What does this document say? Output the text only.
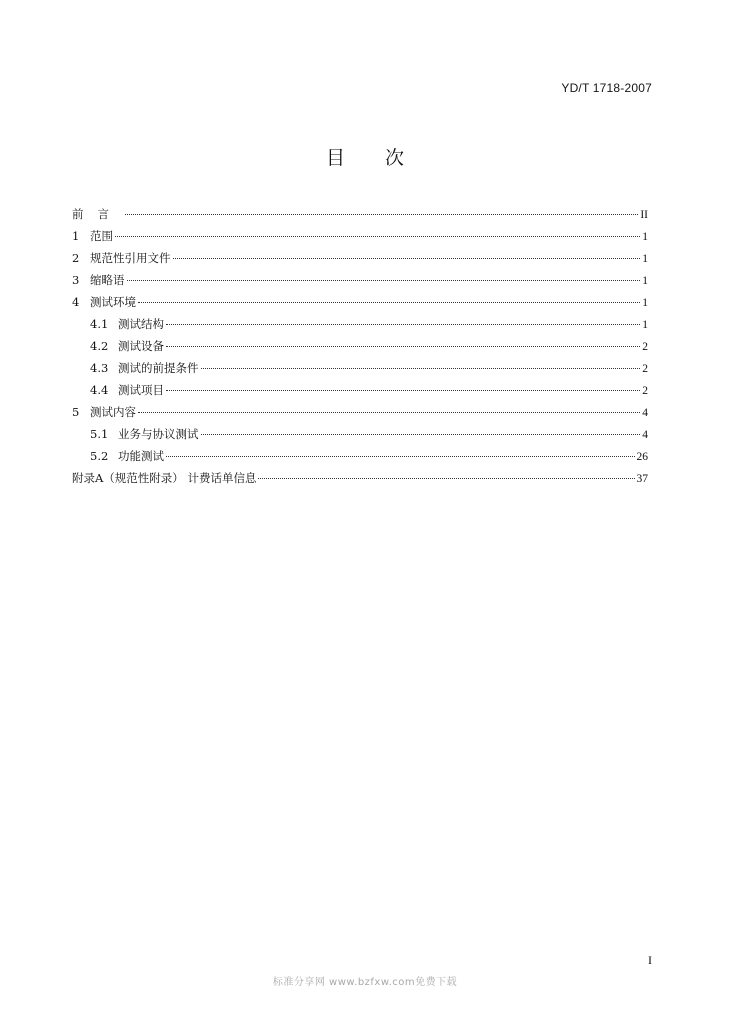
YD/T 1718-2007
目次
前言	II
1 范围	1
2 规范性引用文件	1
3 缩略语	1
4 测试环境	1
4.1 测试结构	1
4.2 测试设备	2
4.3 测试的前提条件	2
4.4 测试项目	2
5 测试内容	4
5.1 业务与协议测试	4
5.2 功能测试	26
附录A（规范性附录） 计费话单信息	37
I
标准分享网 www.bzfxw.com免费下载
